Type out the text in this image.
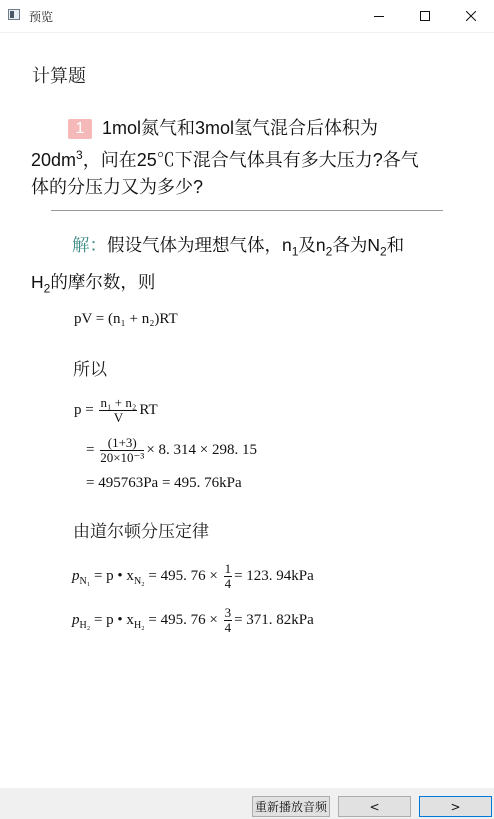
预览
计算题
1 1mol氮气和3mol氢气混合后体积为
$20dm^3$，问在25℃下混合气体具有多大压力?各气
体的分压力又为多少?
解：假设气体为理想气体，$n_1$及$n_2$各为$N_2$和
$H_2$的摩尔数，则
pV = (n₁ + n₂)RT
所以
$p = \frac{\text{n₁ + n₂}}{V}$ RT
= $\frac{(1+3)}{\text{20×10⁻³}} \times 8$. 314 × 298. 15
= 495763Pa = 495. 76kPa
由道尔顿分压定律
$p_{N_1} = p$ • $x_{N_2} = 495$. $76 \times \frac{1}{4} = 123$. 94kPa
$p_{H_2} = p$ • $x_{H_2} = 495$. $76 \times \frac{3}{4} = 371$. 82kPa
重新播放音频	<	>
